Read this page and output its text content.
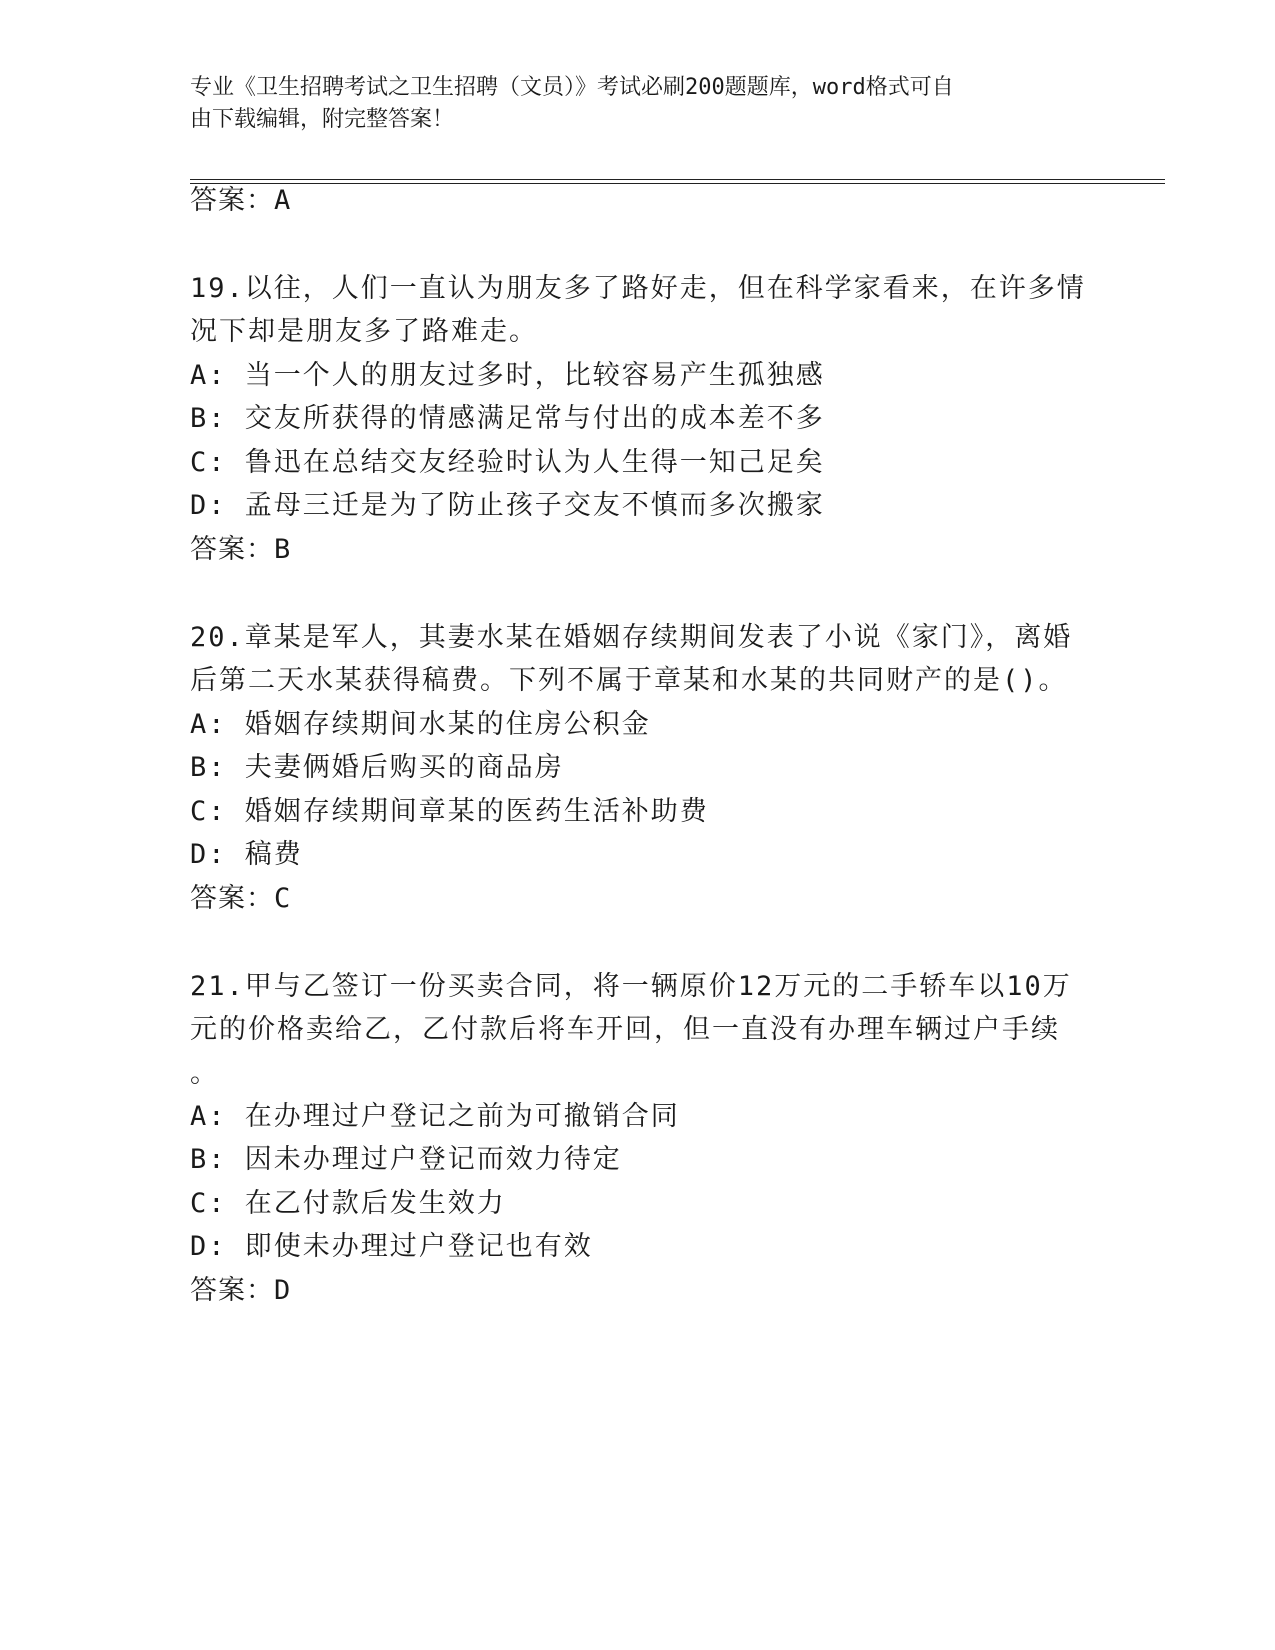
专业《卫生招聘考试之卫生招聘（文员）》考试必刷200题题库，word格式可自
由下载编辑，附完整答案！
答案：A
19.以往，人们一直认为朋友多了路好走，但在科学家看来，在许多情
况下却是朋友多了路难走。
A: 当一个人的朋友过多时，比较容易产生孤独感
B: 交友所获得的情感满足常与付出的成本差不多
C: 鲁迅在总结交友经验时认为人生得一知己足矣
D: 孟母三迁是为了防止孩子交友不慎而多次搬家
答案：B
20.章某是军人，其妻水某在婚姻存续期间发表了小说《家门》，离婚
后第二天水某获得稿费。下列不属于章某和水某的共同财产的是()。
A: 婚姻存续期间水某的住房公积金
B: 夫妻俩婚后购买的商品房
C: 婚姻存续期间章某的医药生活补助费
D: 稿费
答案：C
21.甲与乙签订一份买卖合同，将一辆原价12万元的二手轿车以10万
元的价格卖给乙，乙付款后将车开回，但一直没有办理车辆过户手续
。
A: 在办理过户登记之前为可撤销合同
B: 因未办理过户登记而效力待定
C: 在乙付款后发生效力
D: 即使未办理过户登记也有效
答案：D
